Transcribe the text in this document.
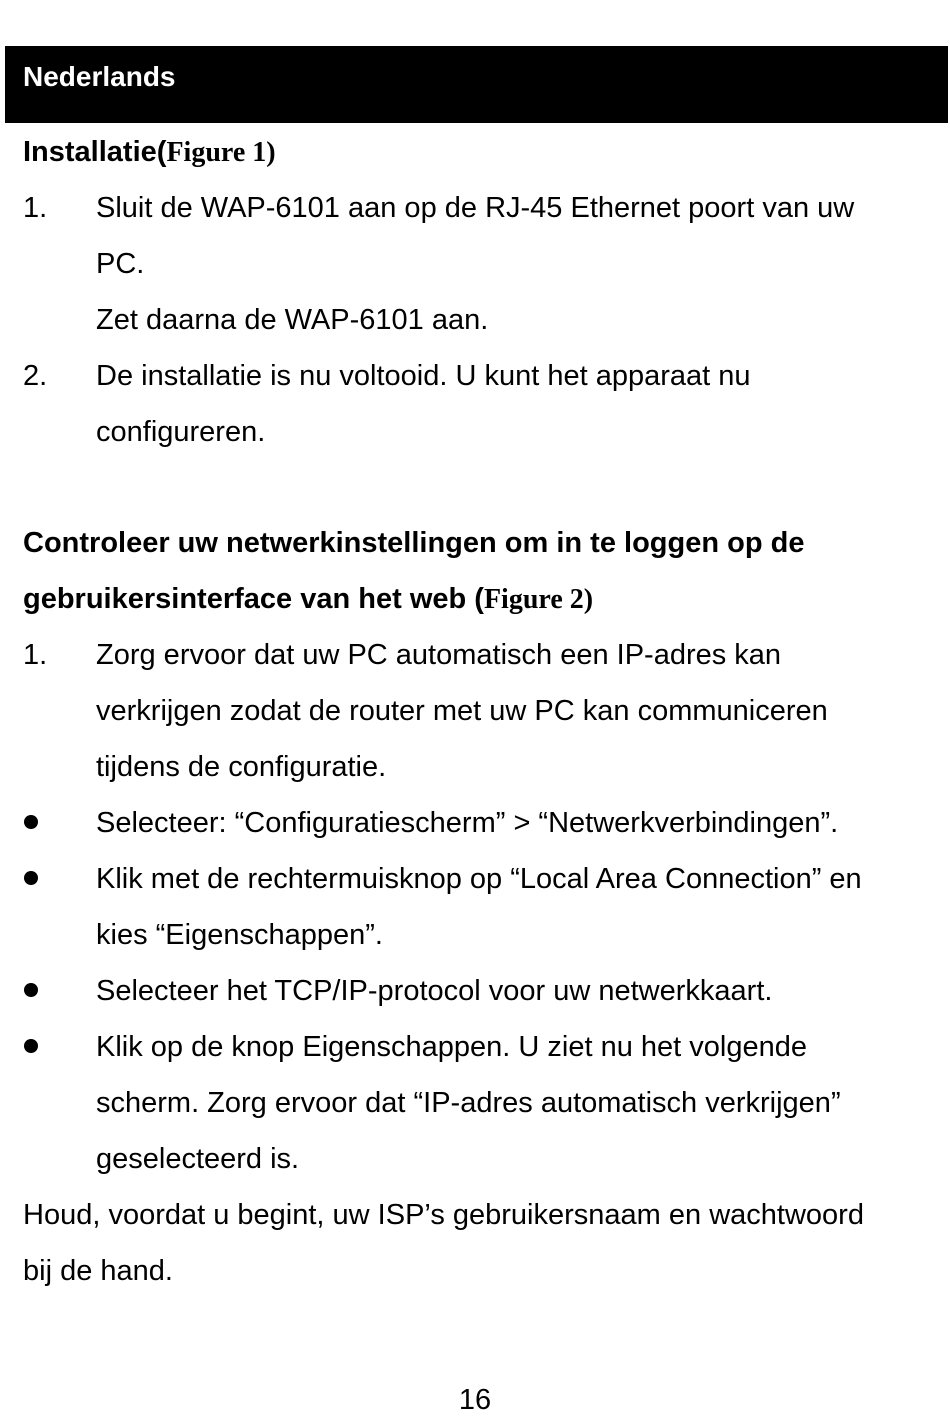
Nederlands

Installatie(Figure 1)

1. Sluit de WAP-6101 aan op de RJ-45 Ethernet poort van uw
PC.
Zet daarna de WAP-6101 aan.
2. De installatie is nu voltooid. U kunt het apparaat nu
configureren.

Controleer uw netwerkinstellingen om in te loggen op de

gebruikersinterface van het web (Figure 2)

1. Zorg ervoor dat uw PC automatisch een IP-adres kan
verkrijgen zodat de router met uw PC kan communiceren
tijdens de configuratie.
Selecteer: “Configuratiescherm” > “Netwerkverbindingen”.
Klik met de rechtermuisknop op “Local Area Connection” en
kies “Eigenschappen”.
Selecteer het TCP/IP-protocol voor uw netwerkkaart.
Klik op de knop Eigenschappen. U ziet nu het volgende
scherm. Zorg ervoor dat “IP-adres automatisch verkrijgen”
geselecteerd is.

Houd, voordat u begint, uw ISP’s gebruikersnaam en wachtwoord

bij de hand.

16
